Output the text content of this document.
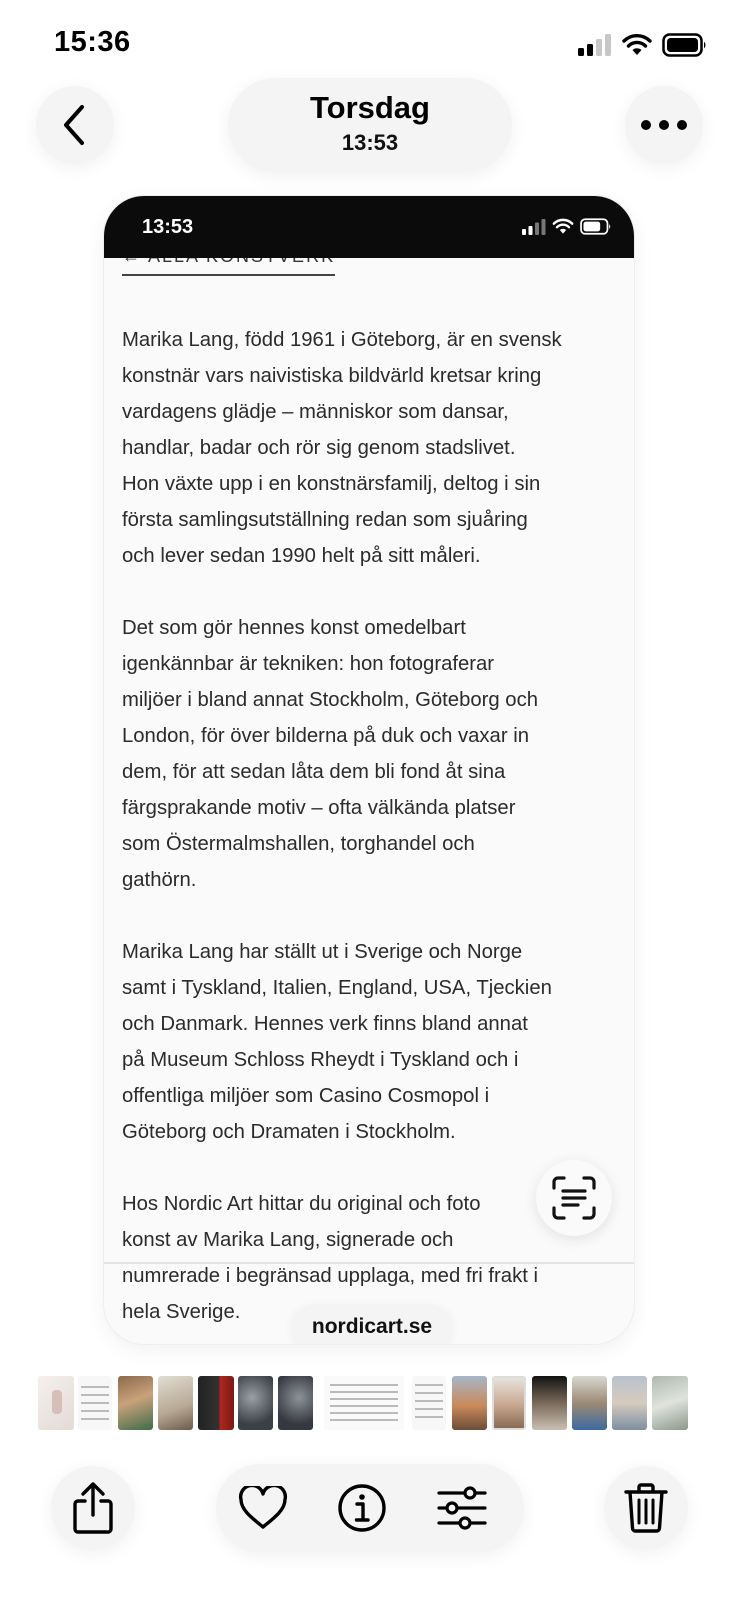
15:36
Torsdag
13:53

Marika Lang, född 1961 i Göteborg, är en svensk
konstnär vars naivistiska bildvärld kretsar kring
vardagens glädje – människor som dansar,
handlar, badar och rör sig genom stadslivet.
Hon växte upp i en konstnärsfamilj, deltog i sin
första samlingsutställning redan som sjuåring
och lever sedan 1990 helt på sitt måleri.

Det som gör hennes konst omedelbart
igenkännbar är tekniken: hon fotograferar
miljöer i bland annat Stockholm, Göteborg och
London, för över bilderna på duk och vaxar in
dem, för att sedan låta dem bli fond åt sina
färgsprakande motiv – ofta välkända platser
som Östermalmshallen, torghandel och
gathörn.

Marika Lang har ställt ut i Sverige och Norge
samt i Tyskland, Italien, England, USA, Tjeckien
och Danmark. Hennes verk finns bland annat
på Museum Schloss Rheydt i Tyskland och i
offentliga miljöer som Casino Cosmopol i
Göteborg och Dramaten i Stockholm.

Hos Nordic Art hittar du original och foto
konst av Marika Lang, signerade och
numrerade i begränsad upplaga, med fri frakt i
hela Sverige.

13:53
nordicart.se
